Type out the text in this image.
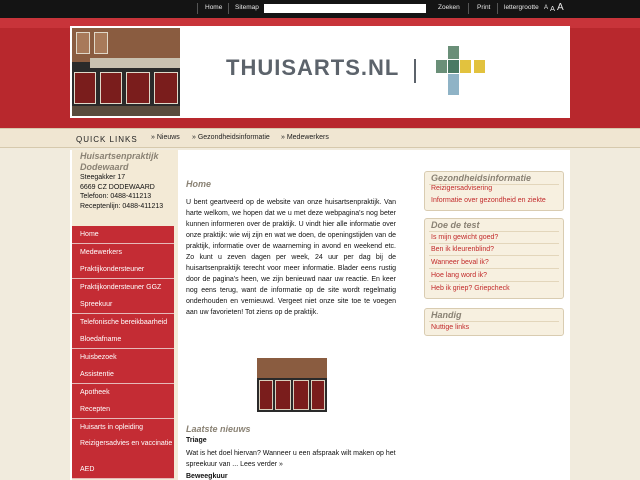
Home Sitemap	Zoeken	Print lettergrootte A A A
THUISARTS.NL
QUICK LINKS » Nieuws » Gezondheidsinformatie » Medewerkers
Huisartsenpraktijk Dodewaard
Steegakker 17
6669 CZ DODEWAARD
Telefoon: 0488-411213
Receptenlijn: 0488-411213
Home
Medewerkers
Praktijkondersteuner
Praktijkondersteuner GGZ
Spreekuur
Telefonische bereikbaarheid
Bloedafname
Huisbezoek
Assistentie
Apotheek
Recepten
Huisarts in opleiding
Reizigersadvies en vaccinatie
AED
Home
U bent geartveerd op de website van onze huisartsenpraktijk. Van harte welkom, we hopen dat we u met deze webpagina's nog beter kunnen informeren over de praktijk. U vindt hier alle informatie over onze praktijk: wie wij zijn en wat we doen, de openingstijden van de praktijk, informatie over de waarneming in avond en weekend etc. Zo kunt u zeven dagen per week, 24 uur per dag bij de huisartsenpraktijk terecht voor meer informatie. Blader eens rustig door de pagina's heen, we zijn benieuwd naar uw reactie. En keer nog eens terug, want de informatie op de site wordt regelmatig onderhouden en vernieuwd. Vergeet niet onze site toe te voegen aan uw favorieten! Tot ziens op de praktijk.
Laatste nieuws
Triage
Wat is het doel hiervan? Wanneer u een afspraak wilt maken op het spreekuur van ... Lees verder »
Beweegkuur
Gezondheidsinformatie
Reizigersadvisering
Informatie over gezondheid en ziekte
Doe de test
Is mijn gewicht goed?
Ben ik kleurenblind?
Wanneer beval ik?
Hoe lang word ik?
Heb ik griep? Griepcheck
Handig
Nuttige links
